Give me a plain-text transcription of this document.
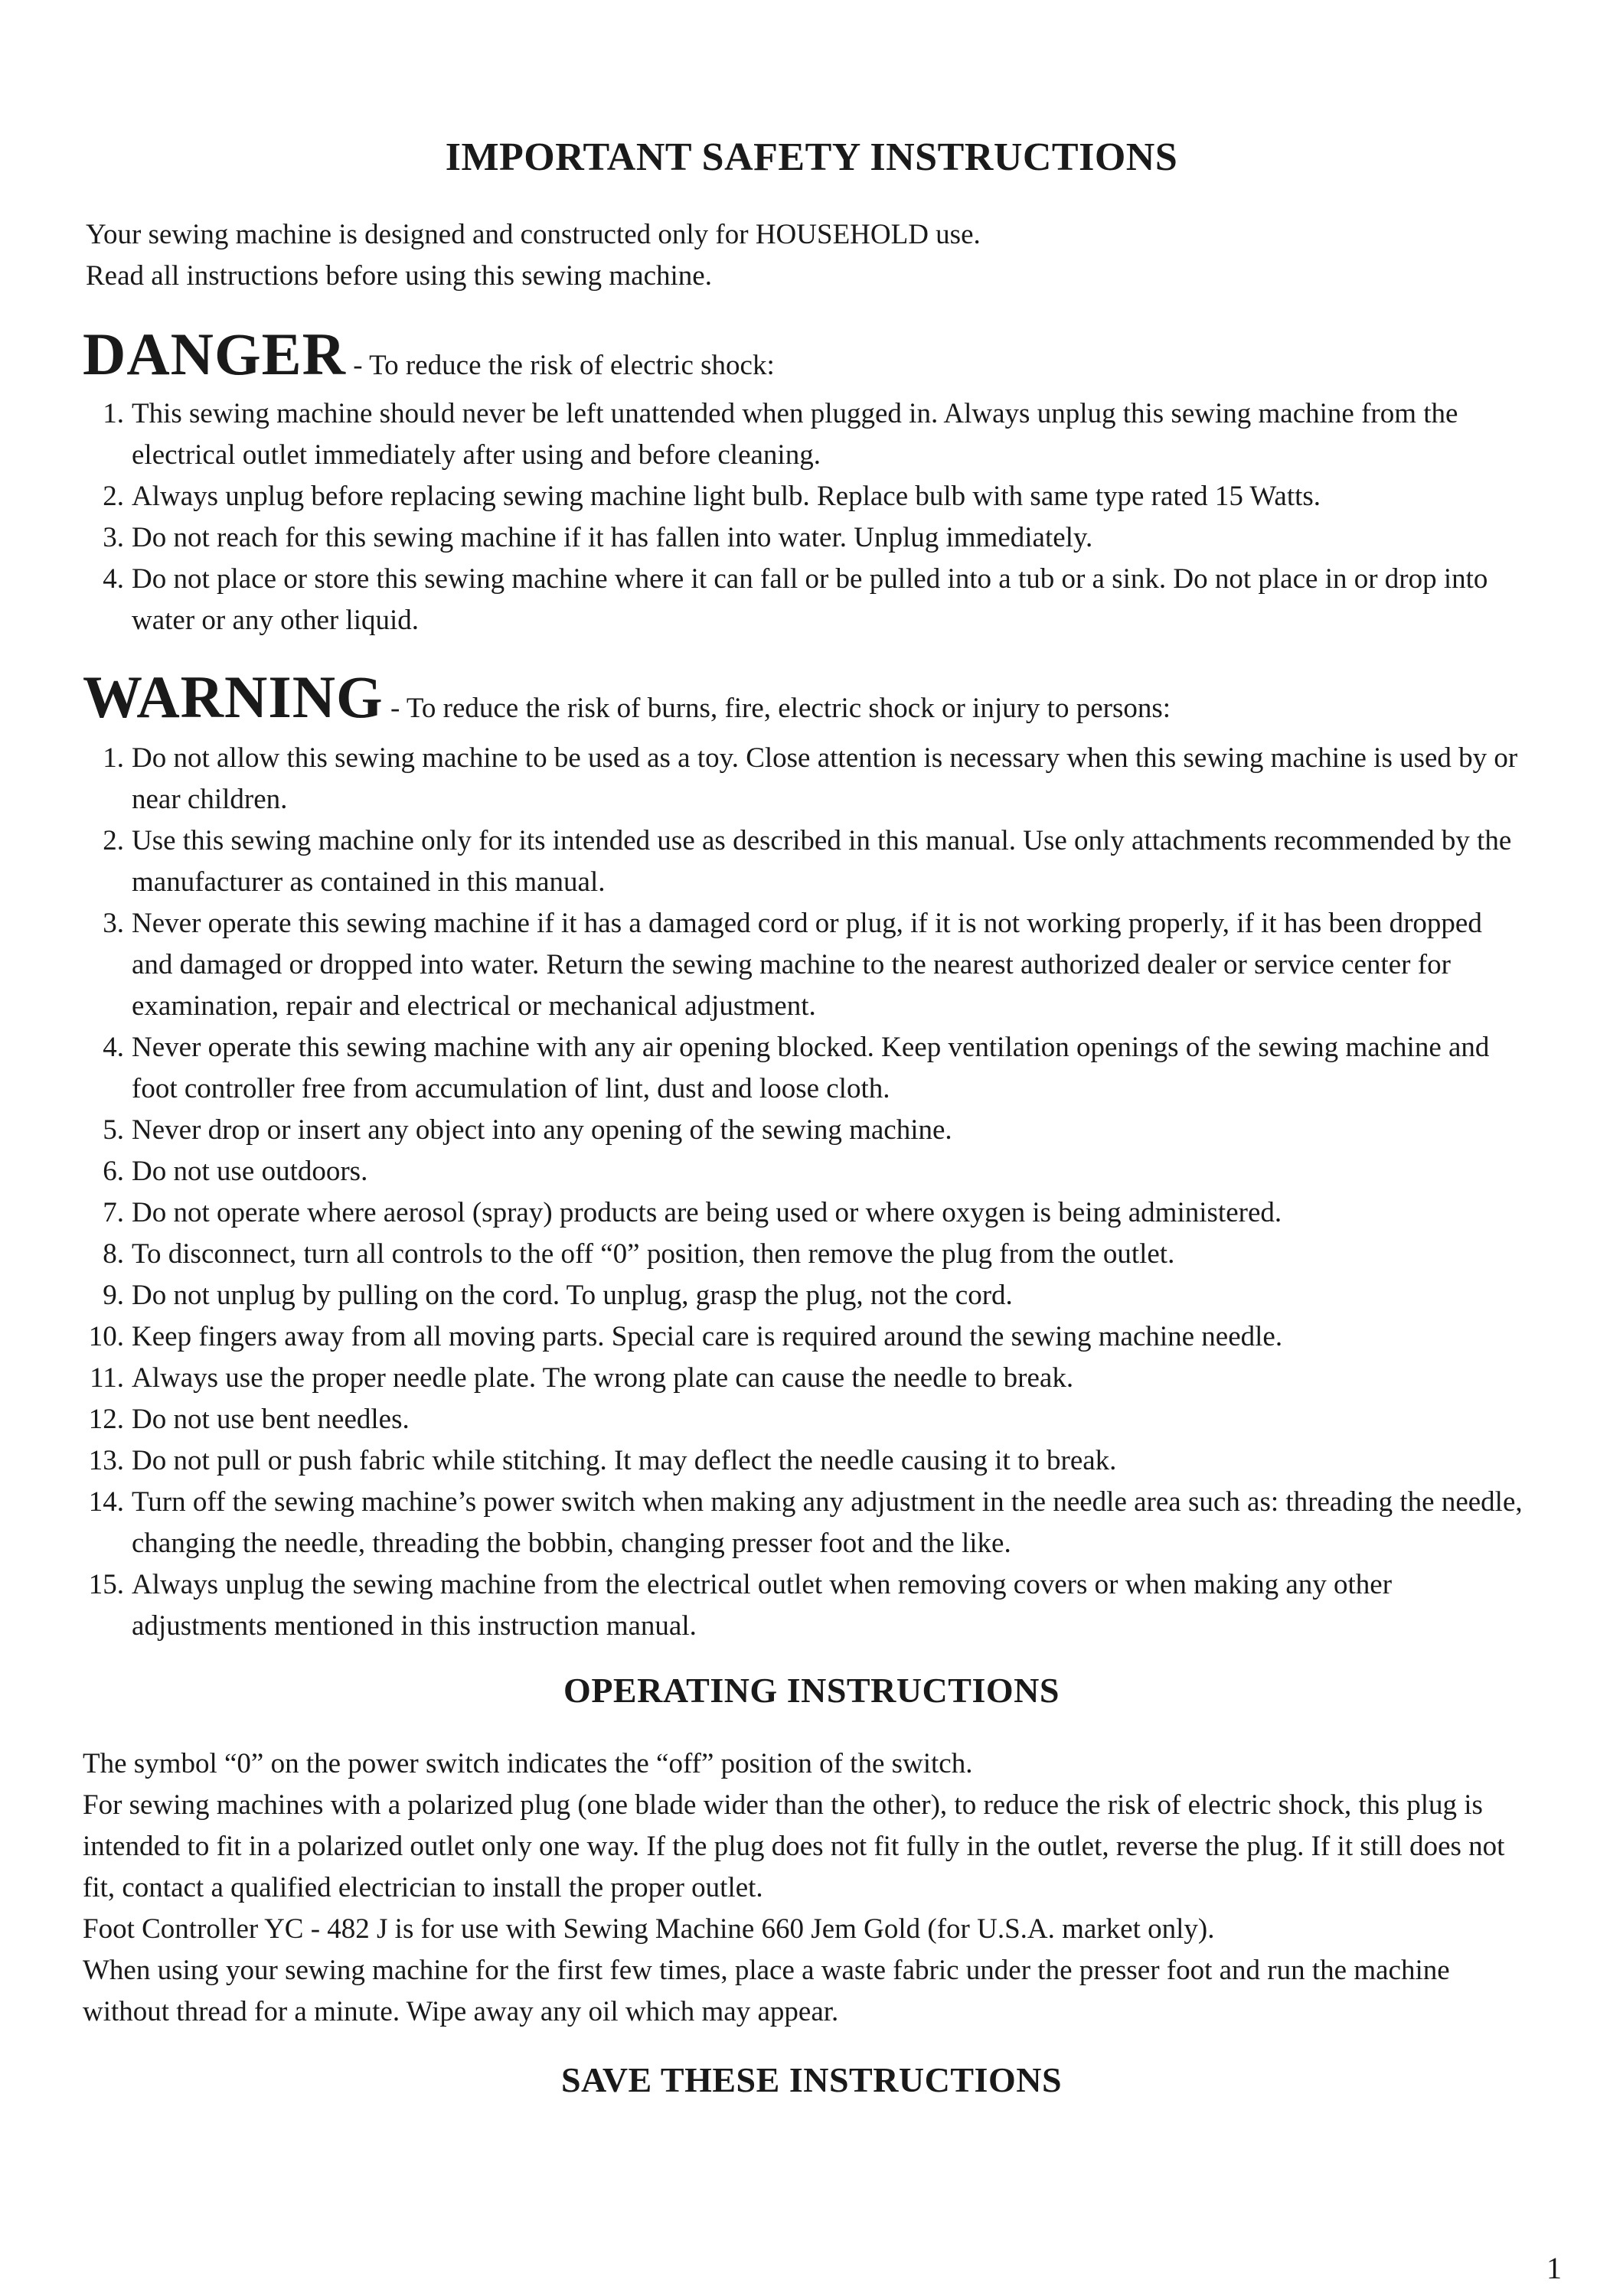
IMPORTANT SAFETY INSTRUCTIONS
Your sewing machine is designed and constructed only for HOUSEHOLD use.
Read all instructions before using this sewing machine.
DANGER - To reduce the risk of electric shock:
1. This sewing machine should never be left unattended when plugged in. Always unplug this sewing machine from the electrical outlet immediately after using and before cleaning.
2. Always unplug before replacing sewing machine light bulb. Replace bulb with same type rated 15 Watts.
3. Do not reach for this sewing machine if it has fallen into water. Unplug immediately.
4. Do not place or store this sewing machine where it can fall or be pulled into a tub or a sink. Do not place in or drop into water or any other liquid.
WARNING - To reduce the risk of burns, fire, electric shock or injury to persons:
1. Do not allow this sewing machine to be used as a toy. Close attention is necessary when this sewing machine is used by or near children.
2. Use this sewing machine only for its intended use as described in this manual. Use only attachments recommended by the manufacturer as contained in this manual.
3. Never operate this sewing machine if it has a damaged cord or plug, if it is not working properly, if it has been dropped and damaged or dropped into water. Return the sewing machine to the nearest authorized dealer or service center for examination, repair and electrical or mechanical adjustment.
4. Never operate this sewing machine with any air opening blocked. Keep ventilation openings of the sewing machine and foot controller free from accumulation of lint, dust and loose cloth.
5. Never drop or insert any object into any opening of the sewing machine.
6. Do not use outdoors.
7. Do not operate where aerosol (spray) products are being used or where oxygen is being administered.
8. To disconnect, turn all controls to the off “0” position, then remove the plug from the outlet.
9. Do not unplug by pulling on the cord. To unplug, grasp the plug, not the cord.
10. Keep fingers away from all moving parts. Special care is required around the sewing machine needle.
11. Always use the proper needle plate. The wrong plate can cause the needle to break.
12. Do not use bent needles.
13. Do not pull or push fabric while stitching. It may deflect the needle causing it to break.
14. Turn off the sewing machine’s power switch when making any adjustment in the needle area such as: threading the needle, changing the needle, threading the bobbin, changing presser foot and the like.
15. Always unplug the sewing machine from the electrical outlet when removing covers or when making any other adjustments mentioned in this instruction manual.
OPERATING INSTRUCTIONS
The symbol “0” on the power switch indicates the “off” position of the switch.
For sewing machines with a polarized plug (one blade wider than the other), to reduce the risk of electric shock, this plug is intended to fit in a polarized outlet only one way. If the plug does not fit fully in the outlet, reverse the plug. If it still does not fit, contact a qualified electrician to install the proper outlet.
Foot Controller YC - 482 J is for use with Sewing Machine 660 Jem Gold (for U.S.A. market only).
When using your sewing machine for the first few times, place a waste fabric under the presser foot and run the machine without thread for a minute. Wipe away any oil which may appear.
SAVE THESE INSTRUCTIONS
1
